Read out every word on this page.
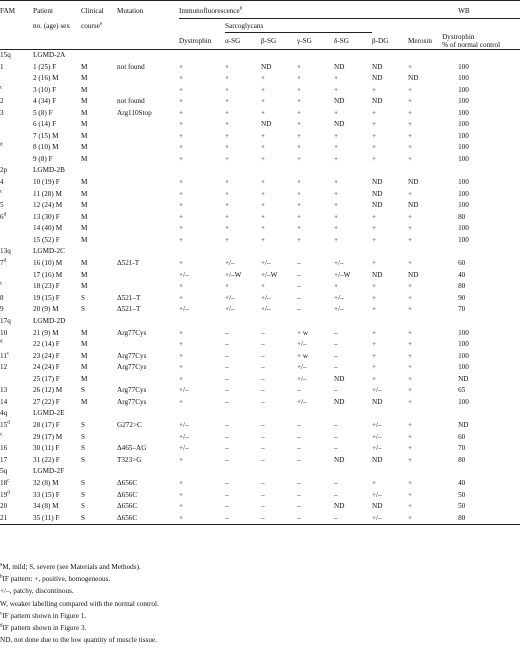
FAM	Patient	Clinical	Mutation	Immunofluorescence$^b$							WB
	no. (age) sex	course$^a$			Sarcoglycans						
				Dystrophin	α-SG	β-SG	γ-SG	δ-SG	β-DG	Merosin	Dystrophin
% of normal control
15q	LGMD-2A										
1	1 (25) F	M	not found	+	+	ND	+	ND	ND	+	100
	2 (16) M	M		+	+	+	+	+	ND	ND	100
$^c$	3 (10) F	M		+	+	+	+	+	+	+	100
2	4 (34) F	M	not found	+	+	+	+	ND	ND	+	100
3	5 (8) F	M	Arg110Stop	+	+	+	+	+	+	+	100
	6 (14) F	M		+	+	ND	+	ND	+	+	100
	7 (15) M	M		+	+	+	+	+	+	+	100
$^d$	8 (10) M	M		+	+	+	+	+	+	+	100
	9 (8) F	M		+	+	+	+	+	+	+	100
2p	LGMD-2B										
4	10 (19) F	M		+	+	+	+	+	ND	ND	100
$^c$	11 (28) M	M		+	+	+	+	+	ND	+	100
5	12 (24) M	M		+	+	+	+	+	ND	ND	100
6$^d$	13 (30) F	M		+	+	+	+	+	+	+	80
	14 (40) M	M		+	+	+	+	+	+	+	100
	15 (52) F	M		+	+	+	+	+	+	+	100
13q	LGMD-2C										
7$^d$	16 (10) M	M	Δ521-T	+	+/–	+/–	–	+/–	+	+	60
	17 (16) M	M		+/–	+/–W	+/–W	–	+/–W	ND	ND	40
$^c$	18 (23) F	M		+	+	+	–	+	+	+	80
8	19 (15) F	S	Δ521–T	+	+/–	+/–	–	+/–	+	+	90
9	20 (9) M	S	Δ521–T	+/–	+/–	+/–	–	+/–	+	+	70
17q	LGMD-2D										
10	21 (9) M	M	Arg77Cys	+	–	–	+ w	–	+	+	100
$^d$	22 (14) F	M		+	–	–	+/–	–	+	+	100
11$^c$	23 (24) F	M	Arg77Cys	+	–	–	+ w	–	+	+	100
12	24 (24) F	M	Arg77Cys	+	–	–	+/–	–	+	+	100
	25 (17) F	M		+	–	–	+/–	ND	+	+	ND
13	26 (12) M	S	Arg77Cys	+/–	–	–	–	–	+/–	+	65
14	27 (22) F	M	Arg77Cys	+	–	–	+/–	ND	ND	+	100
4q	LGMD-2E										
15$^d$	28 (17) F	S	G272>C	+/–	–	–	–	–	+/–	+	ND
$^c$	29 (17) M	S		+/–	–	–	–	–	+/–	+	60
16	30 (11) F	S	Δ465–AG	+/–	–	–	–	–	+/–	+	70
17	31 (22) F	S	T323>G	+	–	–	–	ND	ND	+	80
5q	LGMD-2F										
18$^c$	32 (8) M	S	Δ656C	+	–	–	–	–	+	+	40
19$^d$	33 (15) F	S	Δ656C	+	–	–	–	–	+/–	+	50
20	34 (8) M	S	Δ656C	+	–	–	–	ND	ND	+	50
21	35 (11) F	S	Δ656C	+	–	–	–	–	+/–	+	80
$^a$M, mild; S, severe (see Materials and Methods).
$^b$IF pattern: +, positive, homogeneous.
+/–, patchy, discontinous.
W, weaker labelling compared with the normal control.
$^c$IF pattern shown in Figure 1.
$^d$IF pattern shown in Figure 3.
ND, not done due to the low quantity of muscle tissue.
